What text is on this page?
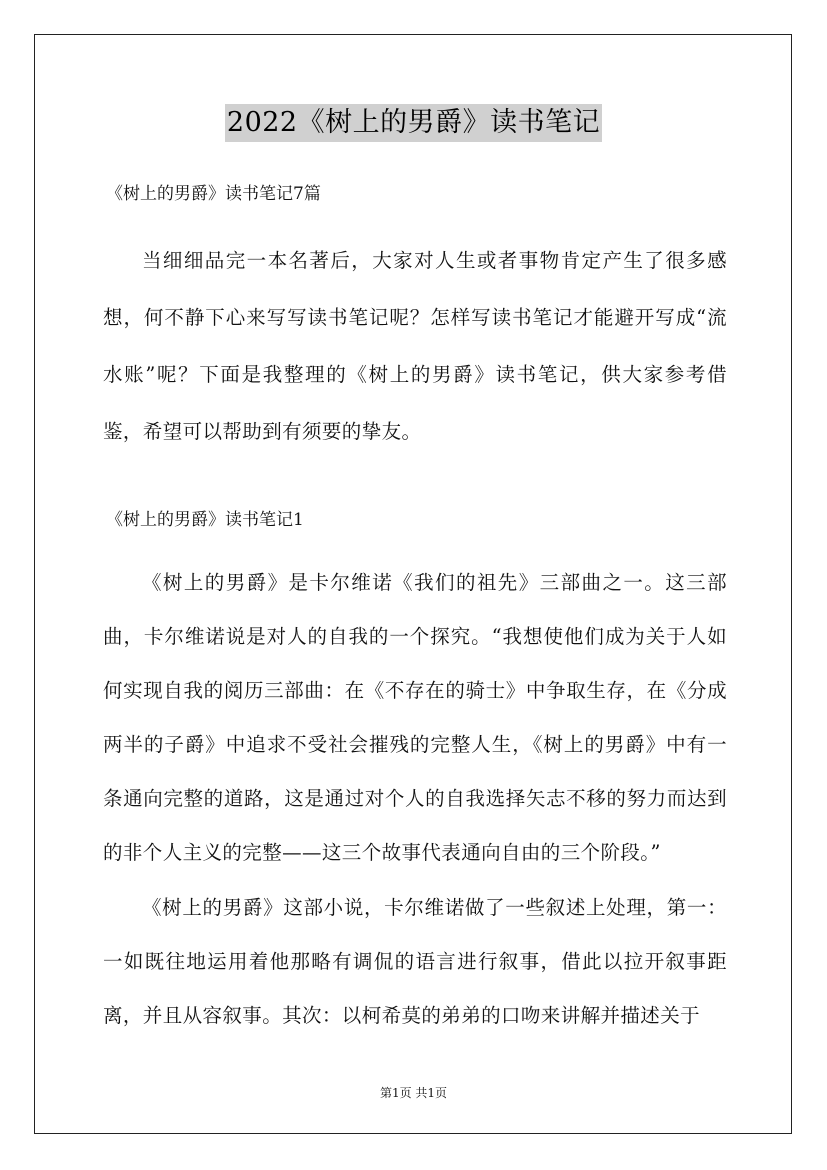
2022《树上的男爵》读书笔记
《树上的男爵》读书笔记7篇

当细细品完一本名著后，大家对人生或者事物肯定产生了很多感想，何不静下心来写写读书笔记呢？怎样写读书笔记才能避开写成“流水账”呢？下面是我整理的《树上的男爵》读书笔记，供大家参考借鉴，希望可以帮助到有须要的挚友。

《树上的男爵》读书笔记1

《树上的男爵》是卡尔维诺《我们的祖先》三部曲之一。这三部曲，卡尔维诺说是对人的自我的一个探究。“我想使他们成为关于人如何实现自我的阅历三部曲：在《不存在的骑士》中争取生存，在《分成两半的子爵》中追求不受社会摧残的完整人生，《树上的男爵》中有一条通向完整的道路，这是通过对个人的自我选择矢志不移的努力而达到的非个人主义的完整——这三个故事代表通向自由的三个阶段。”

《树上的男爵》这部小说，卡尔维诺做了一些叙述上处理，第一：一如既往地运用着他那略有调侃的语言进行叙事，借此以拉开叙事距离，并且从容叙事。其次：以柯希莫的弟弟的口吻来讲解并描述关于

第1页 共1页
